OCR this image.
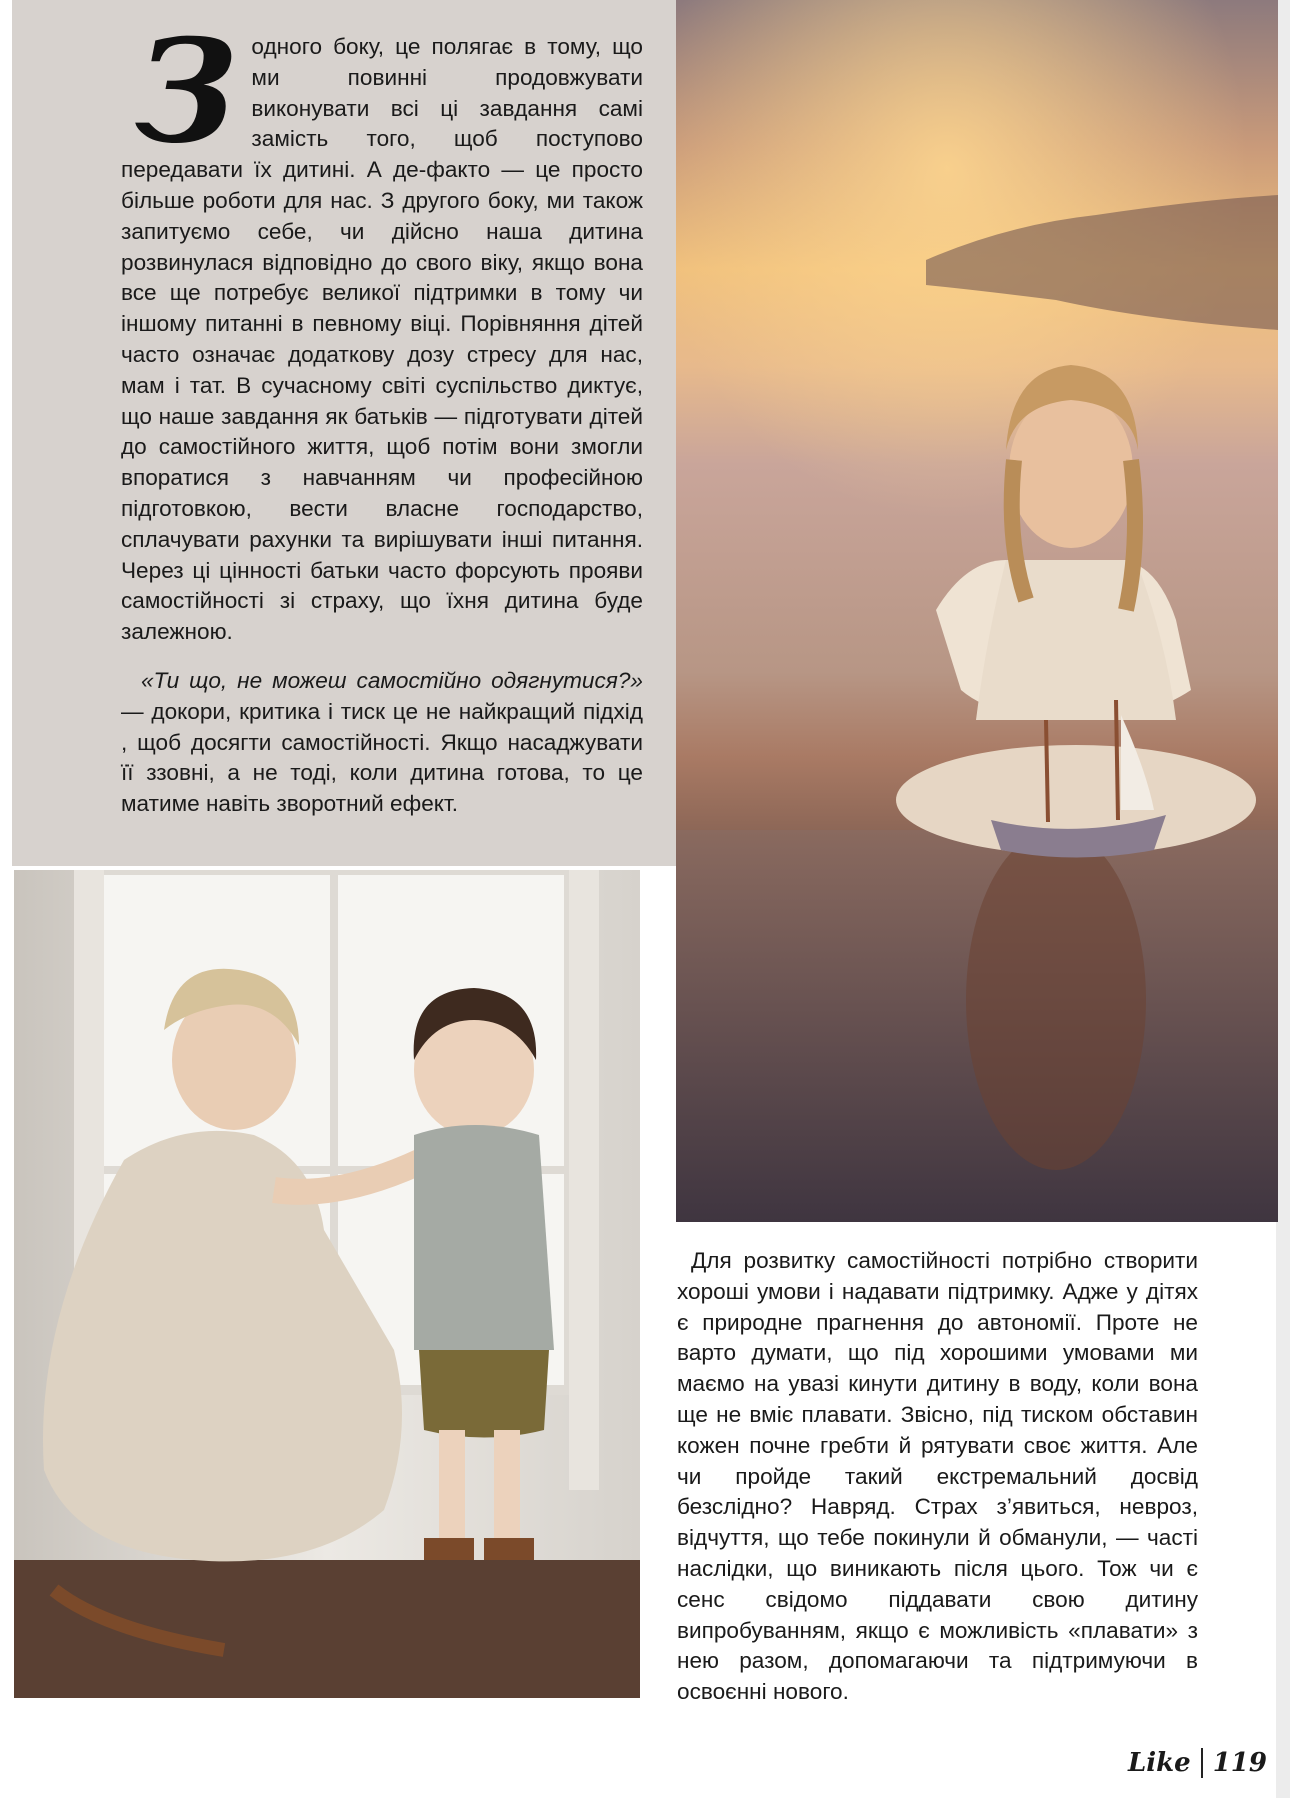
З одного боку, це полягає в тому, що ми повинні продовжувати виконувати всі ці завдання самі замість того, щоб поступово передавати їх дитині. А де-факто — це просто більше роботи для нас. З другого боку, ми також запитуємо себе, чи дійсно наша дитина розвинулася відповідно до свого віку, якщо вона все ще потребує великої підтримки в тому чи іншому питанні в певному віці. Порівняння дітей часто означає додаткову дозу стресу для нас, мам і тат. В сучасному світі суспільство диктує, що наше завдання як батьків — підготувати дітей до самостійного життя, щоб потім вони змогли впоратися з навчанням чи професійною підготовкою, вести власне господарство, сплачувати рахунки та вирішувати інші питання. Через ці цінності батьки часто форсують прояви самостійності зі страху, що їхня дитина буде залежною.

«Ти що, не можеш самостійно одягнутися?» — докори, критика і тиск це не найкращий підхід , щоб досягти самостійності. Якщо насаджувати її ззовні, а не тоді, коли дитина готова, то це матиме навіть зворотний ефект.

Для розвитку самостійності потрібно створити хороші умови і надавати підтримку. Адже у дітях є природне прагнення до автономії. Проте не варто думати, що під хорошими умовами ми маємо на увазі кинути дитину в воду, коли вона ще не вміє плавати. Звісно, під тиском обставин кожен почне гребти й рятувати своє життя. Але чи пройде такий екстремальний досвід безслідно? Навряд. Страх з’явиться, невроз, відчуття, що тебе покинули й обманули, — часті наслідки, що виникають після цього. Тож чи є сенс свідомо піддавати свою дитину випробуванням, якщо є можливість «плавати» з нею разом, допомагаючи та підтримуючи в освоєнні нового.

Like 119
